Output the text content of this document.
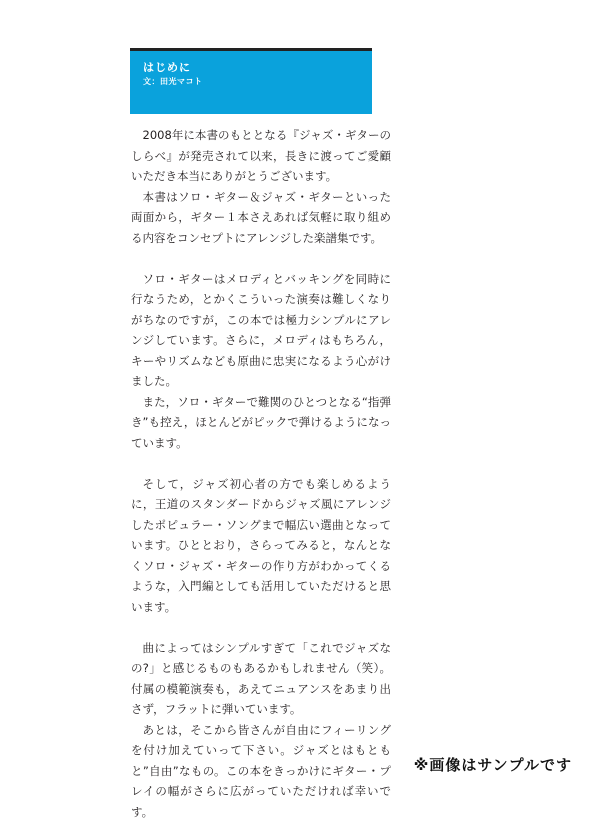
はじめに
文：田光マコト

2008年に本書のもととなる『ジャズ・ギターのしらべ』が発売されて以来，長きに渡ってご愛顧いただき本当にありがとうございます。

本書はソロ・ギター＆ジャズ・ギターといった両面から，ギター１本さえあれば気軽に取り組める内容をコンセプトにアレンジした楽譜集です。

ソロ・ギターはメロディとバッキングを同時に行なうため，とかくこういった演奏は難しくなりがちなのですが，この本では極力シンプルにアレンジしています。さらに，メロディはもちろん，キーやリズムなども原曲に忠実になるよう心がけました。

また，ソロ・ギターで難関のひとつとなる“指弾き”も控え，ほとんどがピックで弾けるようになっています。

そして，ジャズ初心者の方でも楽しめるように，王道のスタンダードからジャズ風にアレンジしたポピュラー・ソングまで幅広い選曲となっています。ひととおり，さらってみると，なんとなくソロ・ジャズ・ギターの作り方がわかってくるような，入門編としても活用していただけると思います。

曲によってはシンプルすぎて「これでジャズなの?」と感じるものもあるかもしれません（笑）。付属の模範演奏も，あえてニュアンスをあまり出さず，フラットに弾いています。

あとは，そこから皆さんが自由にフィーリングを付け加えていって下さい。ジャズとはもともと”自由”なもの。この本をきっかけにギター・プレイの幅がさらに広がっていただければ幸いです。

※画像はサンプルです
